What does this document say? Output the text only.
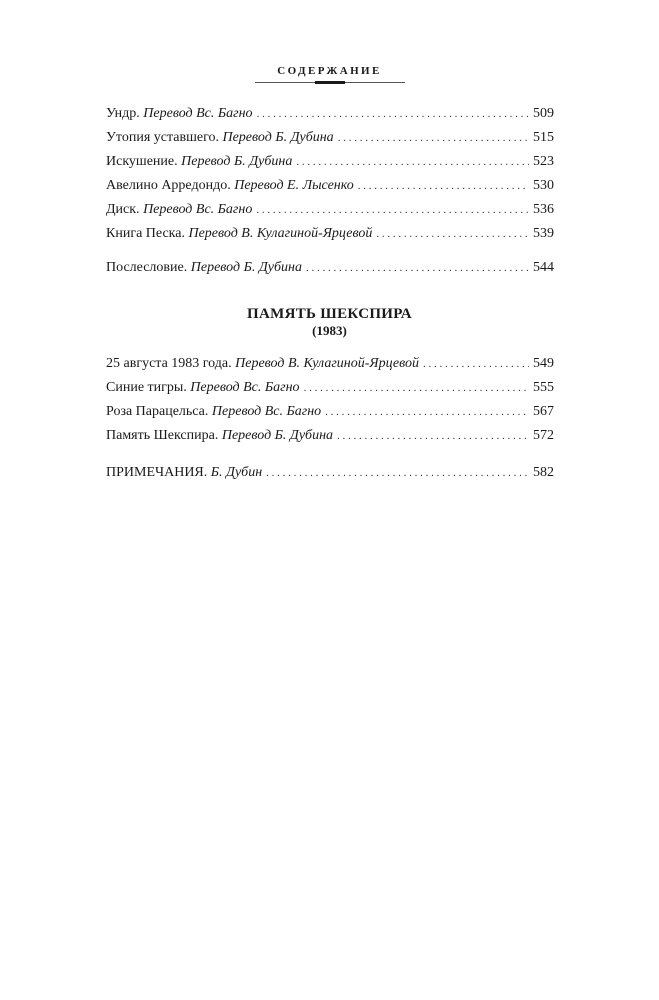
СОДЕРЖАНИЕ
Ундр. Перевод Вс. Багно . . .	509
Утопия уставшего. Перевод Б. Дубина . . .	515
Искушение. Перевод Б. Дубина . . .	523
Авелино Арредондо. Перевод Е. Лысенко . . .	530
Диск. Перевод Вс. Багно . . .	536
Книга Песка. Перевод В. Кулагиной-Ярцевой . . .	539
Послесловие. Перевод Б. Дубина . . .	544
ПАМЯТЬ ШЕКСПИРА
(1983)
25 августа 1983 года. Перевод В. Кулагиной-Ярцевой . . .	549
Синие тигры. Перевод Вс. Багно . . .	555
Роза Парацельса. Перевод Вс. Багно . . .	567
Память Шекспира. Перевод Б. Дубина . . .	572
ПРИМЕЧАНИЯ. Б. Дубин . . .	582
